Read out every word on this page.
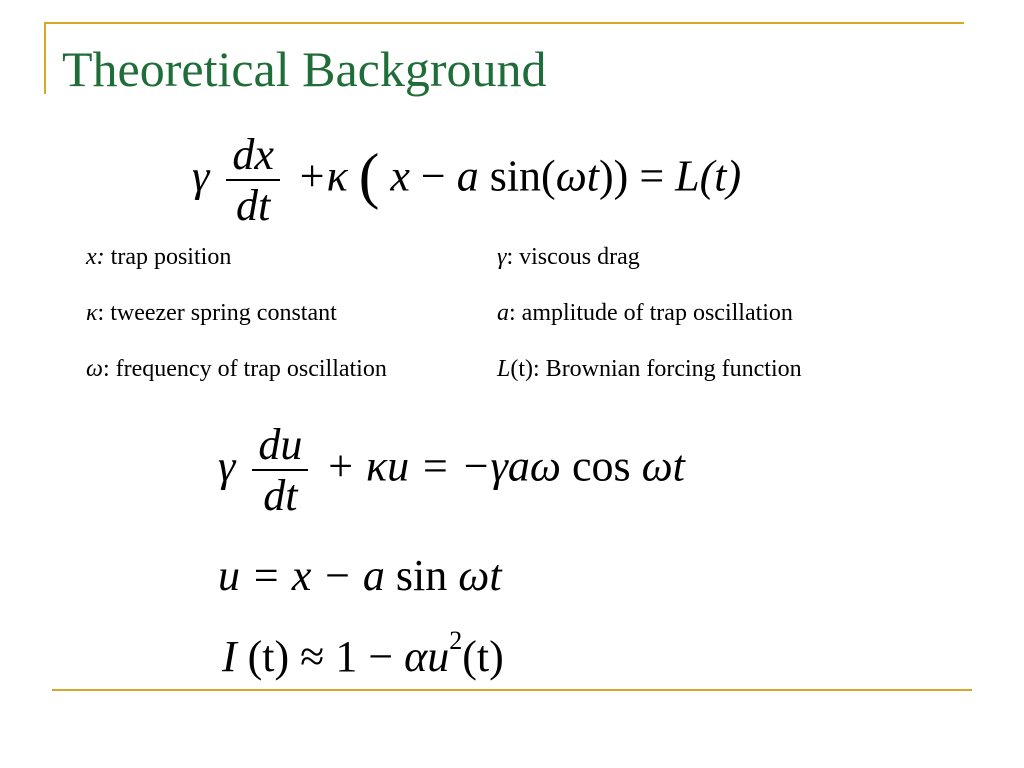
Theoretical Background
γ $\frac{dx}{dt} +\kappa$ ( x − a sin(ωt)) = L(t)
x: trap position	γ: viscous drag
κ: tweezer spring constant	a: amplitude of trap oscillation
ω: frequency of trap oscillation	L(t): Brownian forcing function
γ $\frac{du}{dt} + \kappa u = -\gamma a\omega$ cos ωt
u = x − a sin ωt
I $(t) \approx 1 - \alpha u^2(t)$
